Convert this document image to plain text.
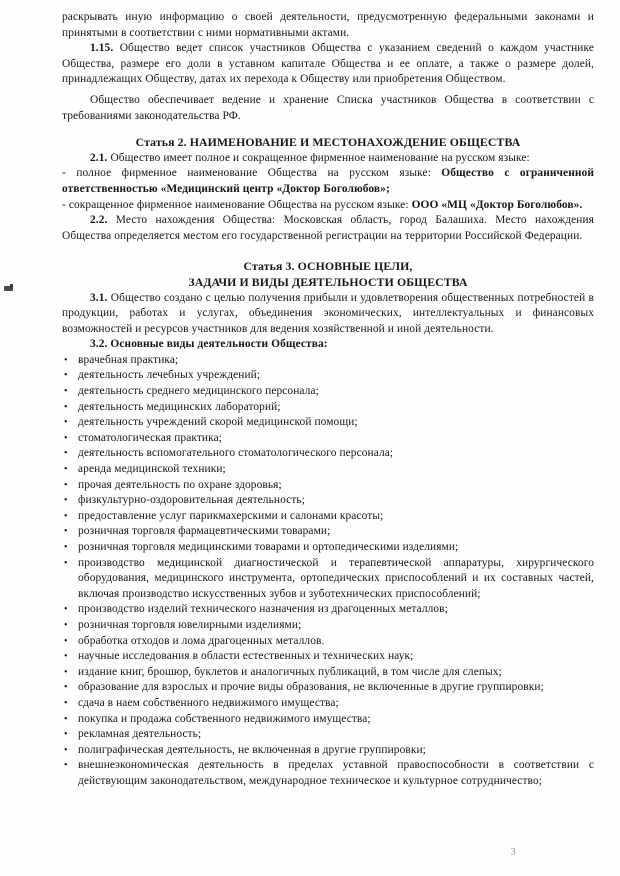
раскрывать иную информацию о своей деятельности, предусмотренную федеральными законами и принятыми в соответствии с ними нормативными актами.

1.15. Общество ведет список участников Общества с указанием сведений о каждом участнике Общества, размере его доли в уставном капитале Общества и ее оплате, а также о размере долей, принадлежащих Обществу, датах их перехода к Обществу или приобретения Обществом.

Общество обеспечивает ведение и хранение Списка участников Общества в соответствии с требованиями законодательства РФ.

Статья 2. НАИМЕНОВАНИЕ И МЕСТОНАХОЖДЕНИЕ ОБЩЕСТВА

2.1. Общество имеет полное и сокращенное фирменное наименование на русском языке:

- полное фирменное наименование Общества на русском языке: Общество с ограниченной ответственностью «Медицинский центр «Доктор Боголюбов»;

- сокращенное фирменное наименование Общества на русском языке: ООО «МЦ «Доктор Боголюбов».

2.2. Место нахождения Общества: Московская область, город Балашиха. Место нахождения Общества определяется местом его государственной регистрации на территории Российской Федерации.

Статья 3. ОСНОВНЫЕ ЦЕЛИ,

ЗАДАЧИ И ВИДЫ ДЕЯТЕЛЬНОСТИ ОБЩЕСТВА

3.1. Общество создано с целью получения прибыли и удовлетворения общественных потребностей в продукции, работах и услугах, объединения экономических, интеллектуальных и финансовых возможностей и ресурсов участников для ведения хозяйственной и иной деятельности.

3.2. Основные виды деятельности Общества:

• врачебная практика;
• деятельность лечебных учреждений;
• деятельность среднего медицинского персонала;
• деятельность медицинских лабораторий;
• деятельность учреждений скорой медицинской помощи;
• стоматологическая практика;
• деятельность вспомогательного стоматологического персонала;
• аренда медицинской техники;
• прочая деятельность по охране здоровья;
• физкультурно-оздоровительная деятельность;
• предоставление услуг парикмахерскими и салонами красоты;
• розничная торговля фармацевтическими товарами;
• розничная торговля медицинскими товарами и ортопедическими изделиями;
• производство медицинской диагностической и терапевтической аппаратуры, хирургического оборудования, медицинского инструмента, ортопедических приспособлений и их составных частей, включая производство искусственных зубов и зуботехнических приспособлений;
• производство изделий технического назначения из драгоценных металлов;
• розничная торговля ювелирными изделиями;
• обработка отходов и лома драгоценных металлов.
• научные исследования в области естественных и технических наук;
• издание книг, брошюр, буклетов и аналогичных публикаций, в том числе для слепых;
• образование для взрослых и прочие виды образования, не включенные в другие группировки;
• сдача в наем собственного недвижимого имущества;
• покупка и продажа собственного недвижимого имущества;
• рекламная деятельность;
• полиграфическая деятельность, не включенная в другие группировки;
• внешнеэкономическая деятельность в пределах уставной правоспособности в соответствии с действующим законодательством, международное техническое и культурное сотрудничество;
3
